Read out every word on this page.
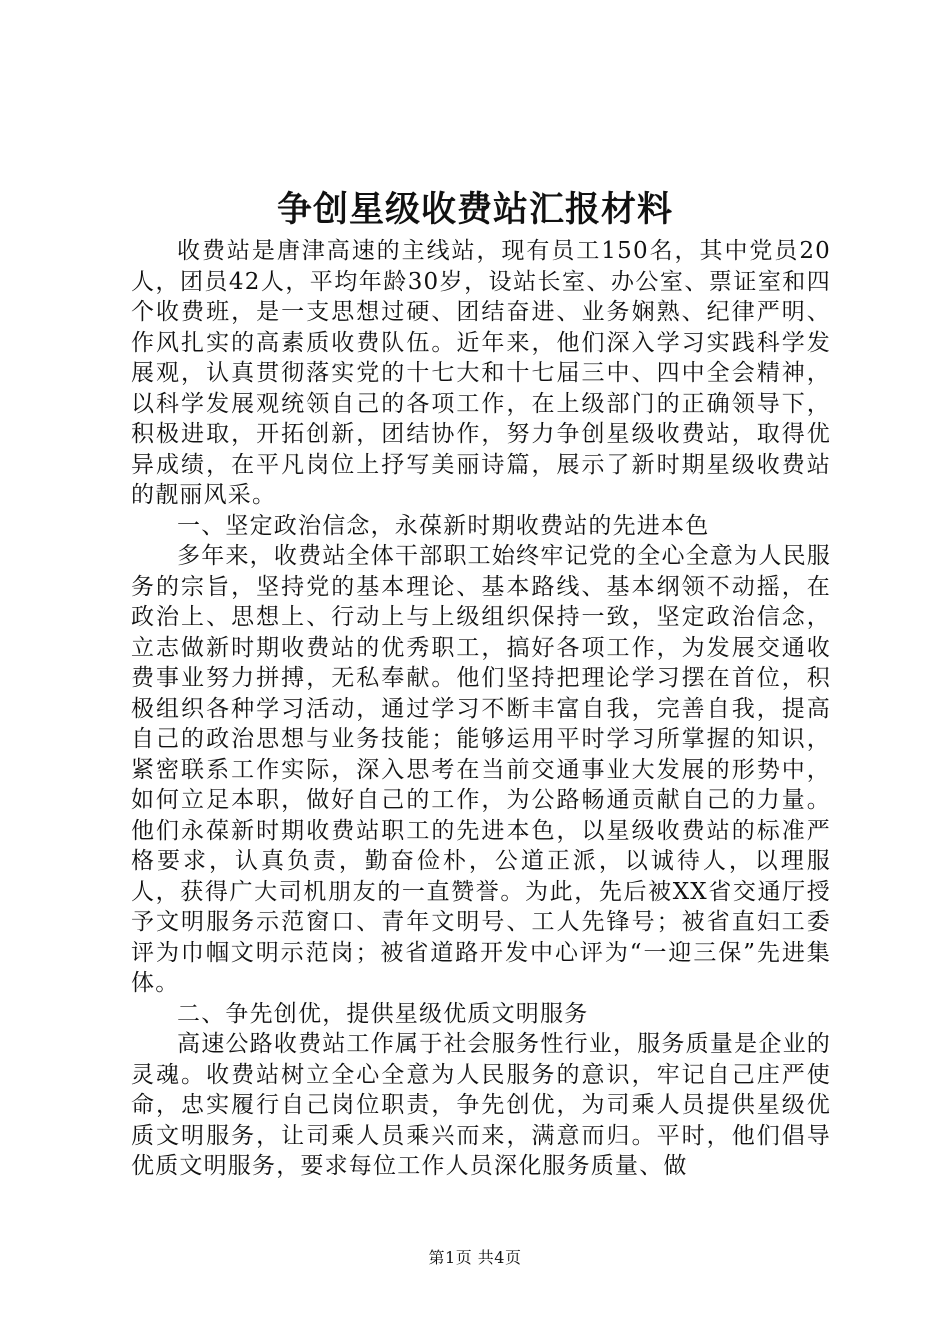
争创星级收费站汇报材料

收费站是唐津高速的主线站，现有员工150名，其中党员20人，团员42人，平均年龄30岁，设站长室、办公室、票证室和四个收费班，是一支思想过硬、团结奋进、业务娴熟、纪律严明、作风扎实的高素质收费队伍。近年来，他们深入学习实践科学发展观，认真贯彻落实党的十七大和十七届三中、四中全会精神，以科学发展观统领自己的各项工作，在上级部门的正确领导下，积极进取，开拓创新，团结协作，努力争创星级收费站，取得优异成绩，在平凡岗位上抒写美丽诗篇，展示了新时期星级收费站的靓丽风采。

一、坚定政治信念，永葆新时期收费站的先进本色

多年来，收费站全体干部职工始终牢记党的全心全意为人民服务的宗旨，坚持党的基本理论、基本路线、基本纲领不动摇，在政治上、思想上、行动上与上级组织保持一致，坚定政治信念，立志做新时期收费站的优秀职工，搞好各项工作，为发展交通收费事业努力拼搏，无私奉献。他们坚持把理论学习摆在首位，积极组织各种学习活动，通过学习不断丰富自我，完善自我，提高自己的政治思想与业务技能；能够运用平时学习所掌握的知识，紧密联系工作实际，深入思考在当前交通事业大发展的形势中，如何立足本职，做好自己的工作，为公路畅通贡献自己的力量。他们永葆新时期收费站职工的先进本色，以星级收费站的标准严格要求，认真负责，勤奋俭朴，公道正派，以诚待人，以理服人，获得广大司机朋友的一直赞誉。为此，先后被XX省交通厅授予文明服务示范窗口、青年文明号、工人先锋号；被省直妇工委评为巾帼文明示范岗；被省道路开发中心评为“一迎三保”先进集体。

二、争先创优，提供星级优质文明服务

高速公路收费站工作属于社会服务性行业，服务质量是企业的灵魂。收费站树立全心全意为人民服务的意识，牢记自己庄严使命，忠实履行自己岗位职责，争先创优，为司乘人员提供星级优质文明服务，让司乘人员乘兴而来，满意而归。平时，他们倡导优质文明服务，要求每位工作人员深化服务质量、做

第1页 共4页
